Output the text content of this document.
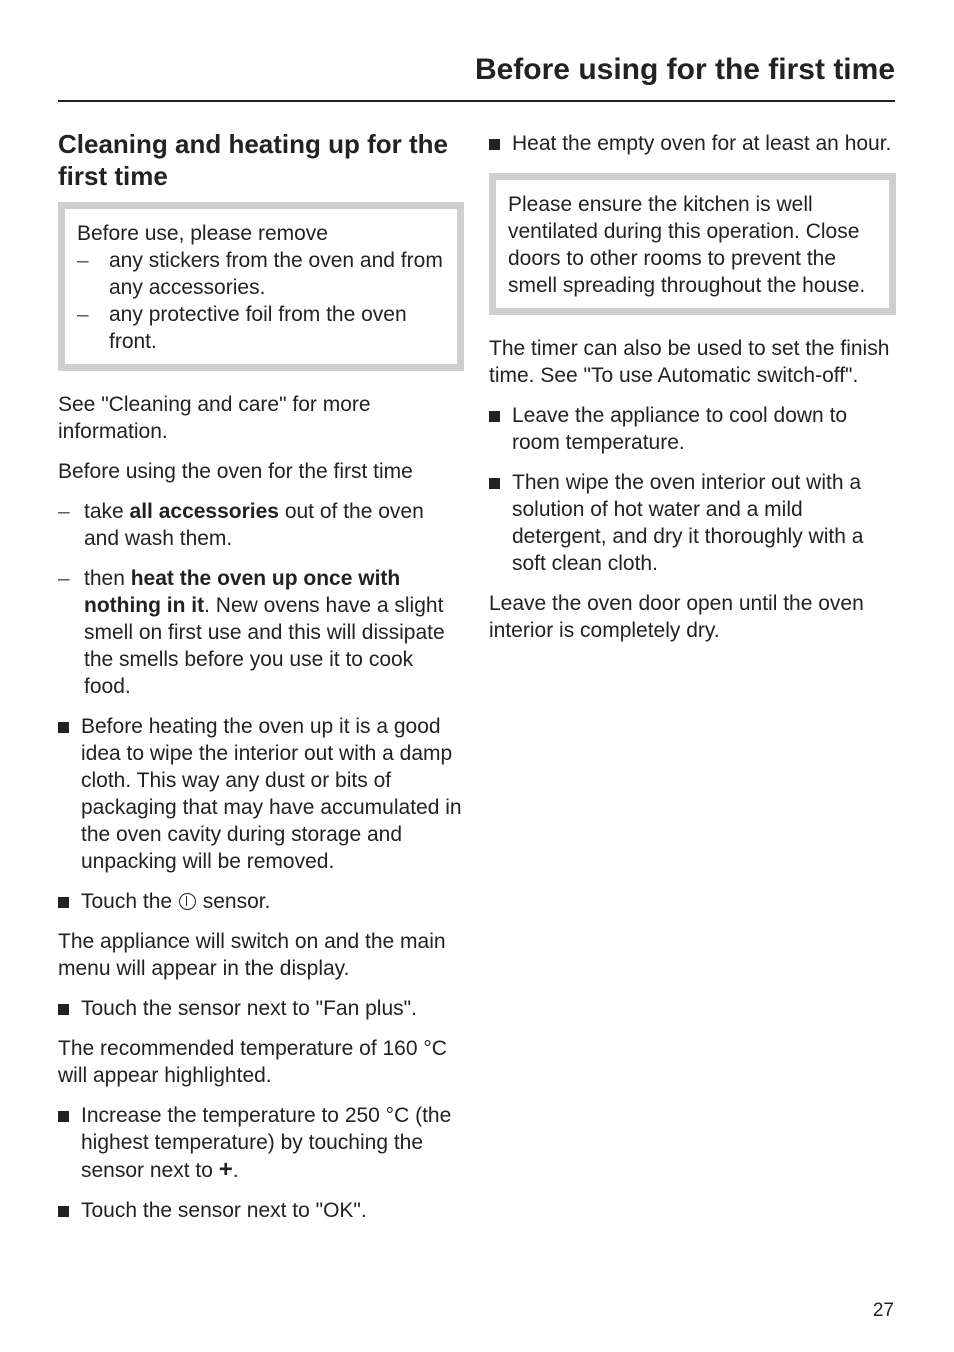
Before using for the first time
Cleaning and heating up for the first time

Before use, please remove

– any stickers from the oven and from any accessories.
– any protective foil from the oven front.

See "Cleaning and care" for more information.

Before using the oven for the first time

– take all accessories out of the oven and wash them.
– then heat the oven up once with nothing in it. New ovens have a slight smell on first use and this will dissipate the smells before you use it to cook food.
Before heating the oven up it is a good idea to wipe the interior out with a damp cloth. This way any dust or bits of packaging that may have accumulated in the oven cavity during storage and unpacking will be removed.
Touch the  sensor.

The appliance will switch on and the main menu will appear in the display.

Touch the sensor next to "Fan plus".

The recommended temperature of 160 °C will appear highlighted.

Increase the temperature to 250 °C (the highest temperature) by touching the sensor next to +.
Touch the sensor next to "OK".
Heat the empty oven for at least an hour.

Please ensure the kitchen is well ventilated during this operation. Close doors to other rooms to prevent the smell spreading throughout the house.

The timer can also be used to set the finish time. See "To use Automatic switch-off".

Leave the appliance to cool down to room temperature.
Then wipe the oven interior out with a solution of hot water and a mild detergent, and dry it thoroughly with a soft clean cloth.

Leave the oven door open until the oven interior is completely dry.

27
